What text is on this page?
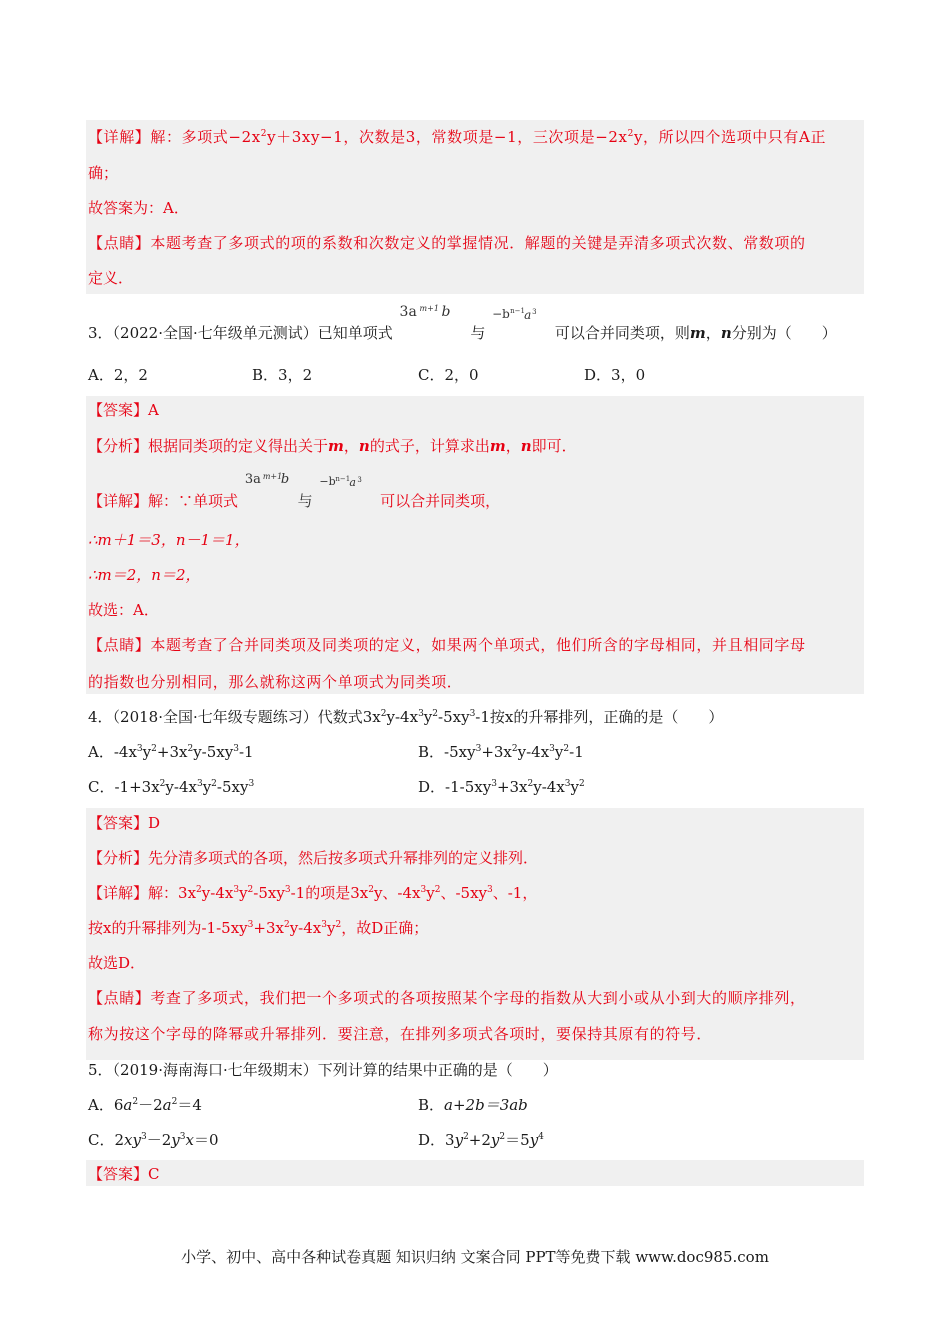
【详解】解：多项式$-2x^2y+3xy-1$，次数是3，常数项是−1，三次项是$-2x^2y$，所以四个选项中只有A正
确；
故答案为：A．
【点睛】本题考查了多项式的项的系数和次数定义的掌握情况．解题的关键是弄清多项式次数、常数项的
定义．
3．（2022·全国·七年级单元测试）已知单项式
3a m+1 b
与
−b n−1 a 3
可以合并同类项，则m，n分别为（　　）
A．2，2	B．3，2	C．2，0	D．3，0
【答案】A
【分析】根据同类项的定义得出关于m，n的式子，计算求出m，n即可．
【详解】解：∵单项式
3a m+1
b
与
−b n−1 a 3
可以合并同类项，
∴m＋1＝3，n－1＝1，
∴m＝2，n＝2，
故选：A．
【点睛】本题考查了合并同类项及同类项的定义，如果两个单项式，他们所含的字母相同，并且相同字母
的指数也分别相同，那么就称这两个单项式为同类项．
4．（2018·全国·七年级专题练习）代数式$3x^2y-4x^3y^2-5xy^3-1$按x的升幂排列，正确的是（　　）
A．$-4x^3y^2+3x^2y-5xy^3-1$	B．$-5xy^3+3x^2y-4x^3y^2-1$
C．$-1+3x^2y-4x^3y^2-5xy^3$	D．$-1-5xy^3+3x^2y-4x^3y^2$
【答案】D
【分析】先分清多项式的各项，然后按多项式升幂排列的定义排列．
【详解】解：$3x^2y-4x^3y^2-5xy^3-1$的项是$3x^2y$、$-4x^3y^2$、$-5xy^3$、-1，
按x的升幂排列为$-1-5xy^3+3x^2y-4x^3y^2$，故D正确；
故选D．
【点睛】考查了多项式，我们把一个多项式的各项按照某个字母的指数从大到小或从小到大的顺序排列，
称为按这个字母的降幂或升幂排列．要注意，在排列多项式各项时，要保持其原有的符号．
5．（2019·海南海口·七年级期末）下列计算的结果中正确的是（　　）
A．$6a^2-2a^2=4$	B．a+2b＝3ab
C．$2xy^3-2y^3x=0$	D．$3y^2+2y^2=5y^4$
【答案】C
小学、初中、高中各种试卷真题 知识归纳 文案合同 PPT等免费下载 www.doc985.com
